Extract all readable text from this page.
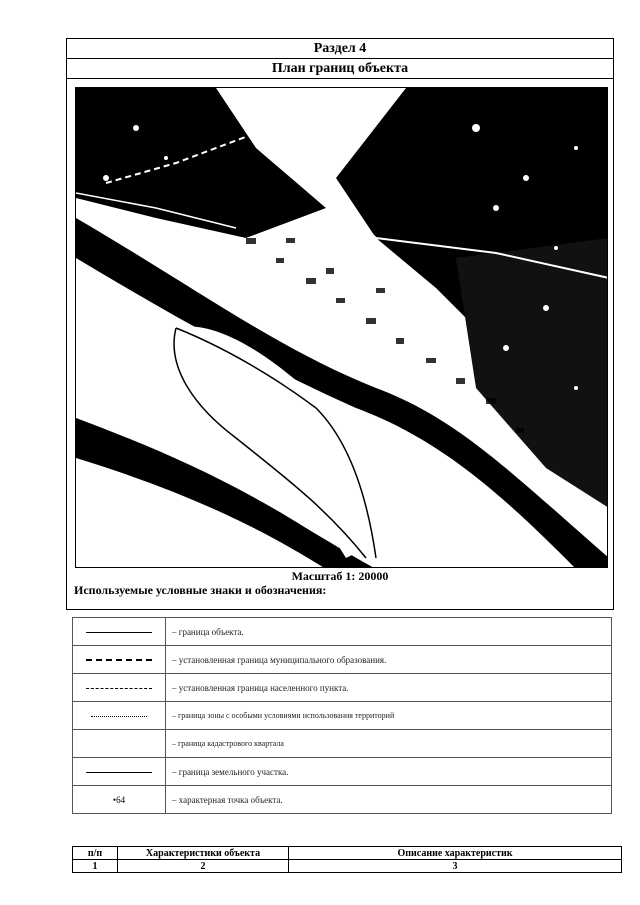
Раздел 4
План границ объекта
Масштаб 1: 20000
Используемые условные знаки и обозначения:
	– граница объекта.
	– установленная граница муниципального образования.
	– установленная граница населенного пункта.
	– граница зоны с особыми условиями использования территорий
	– граница кадастрового квартала
	– граница земельного участка.
•64	– характерная точка объекта.
п/п	Характеристики объекта	Описание характеристик
1	2	3
